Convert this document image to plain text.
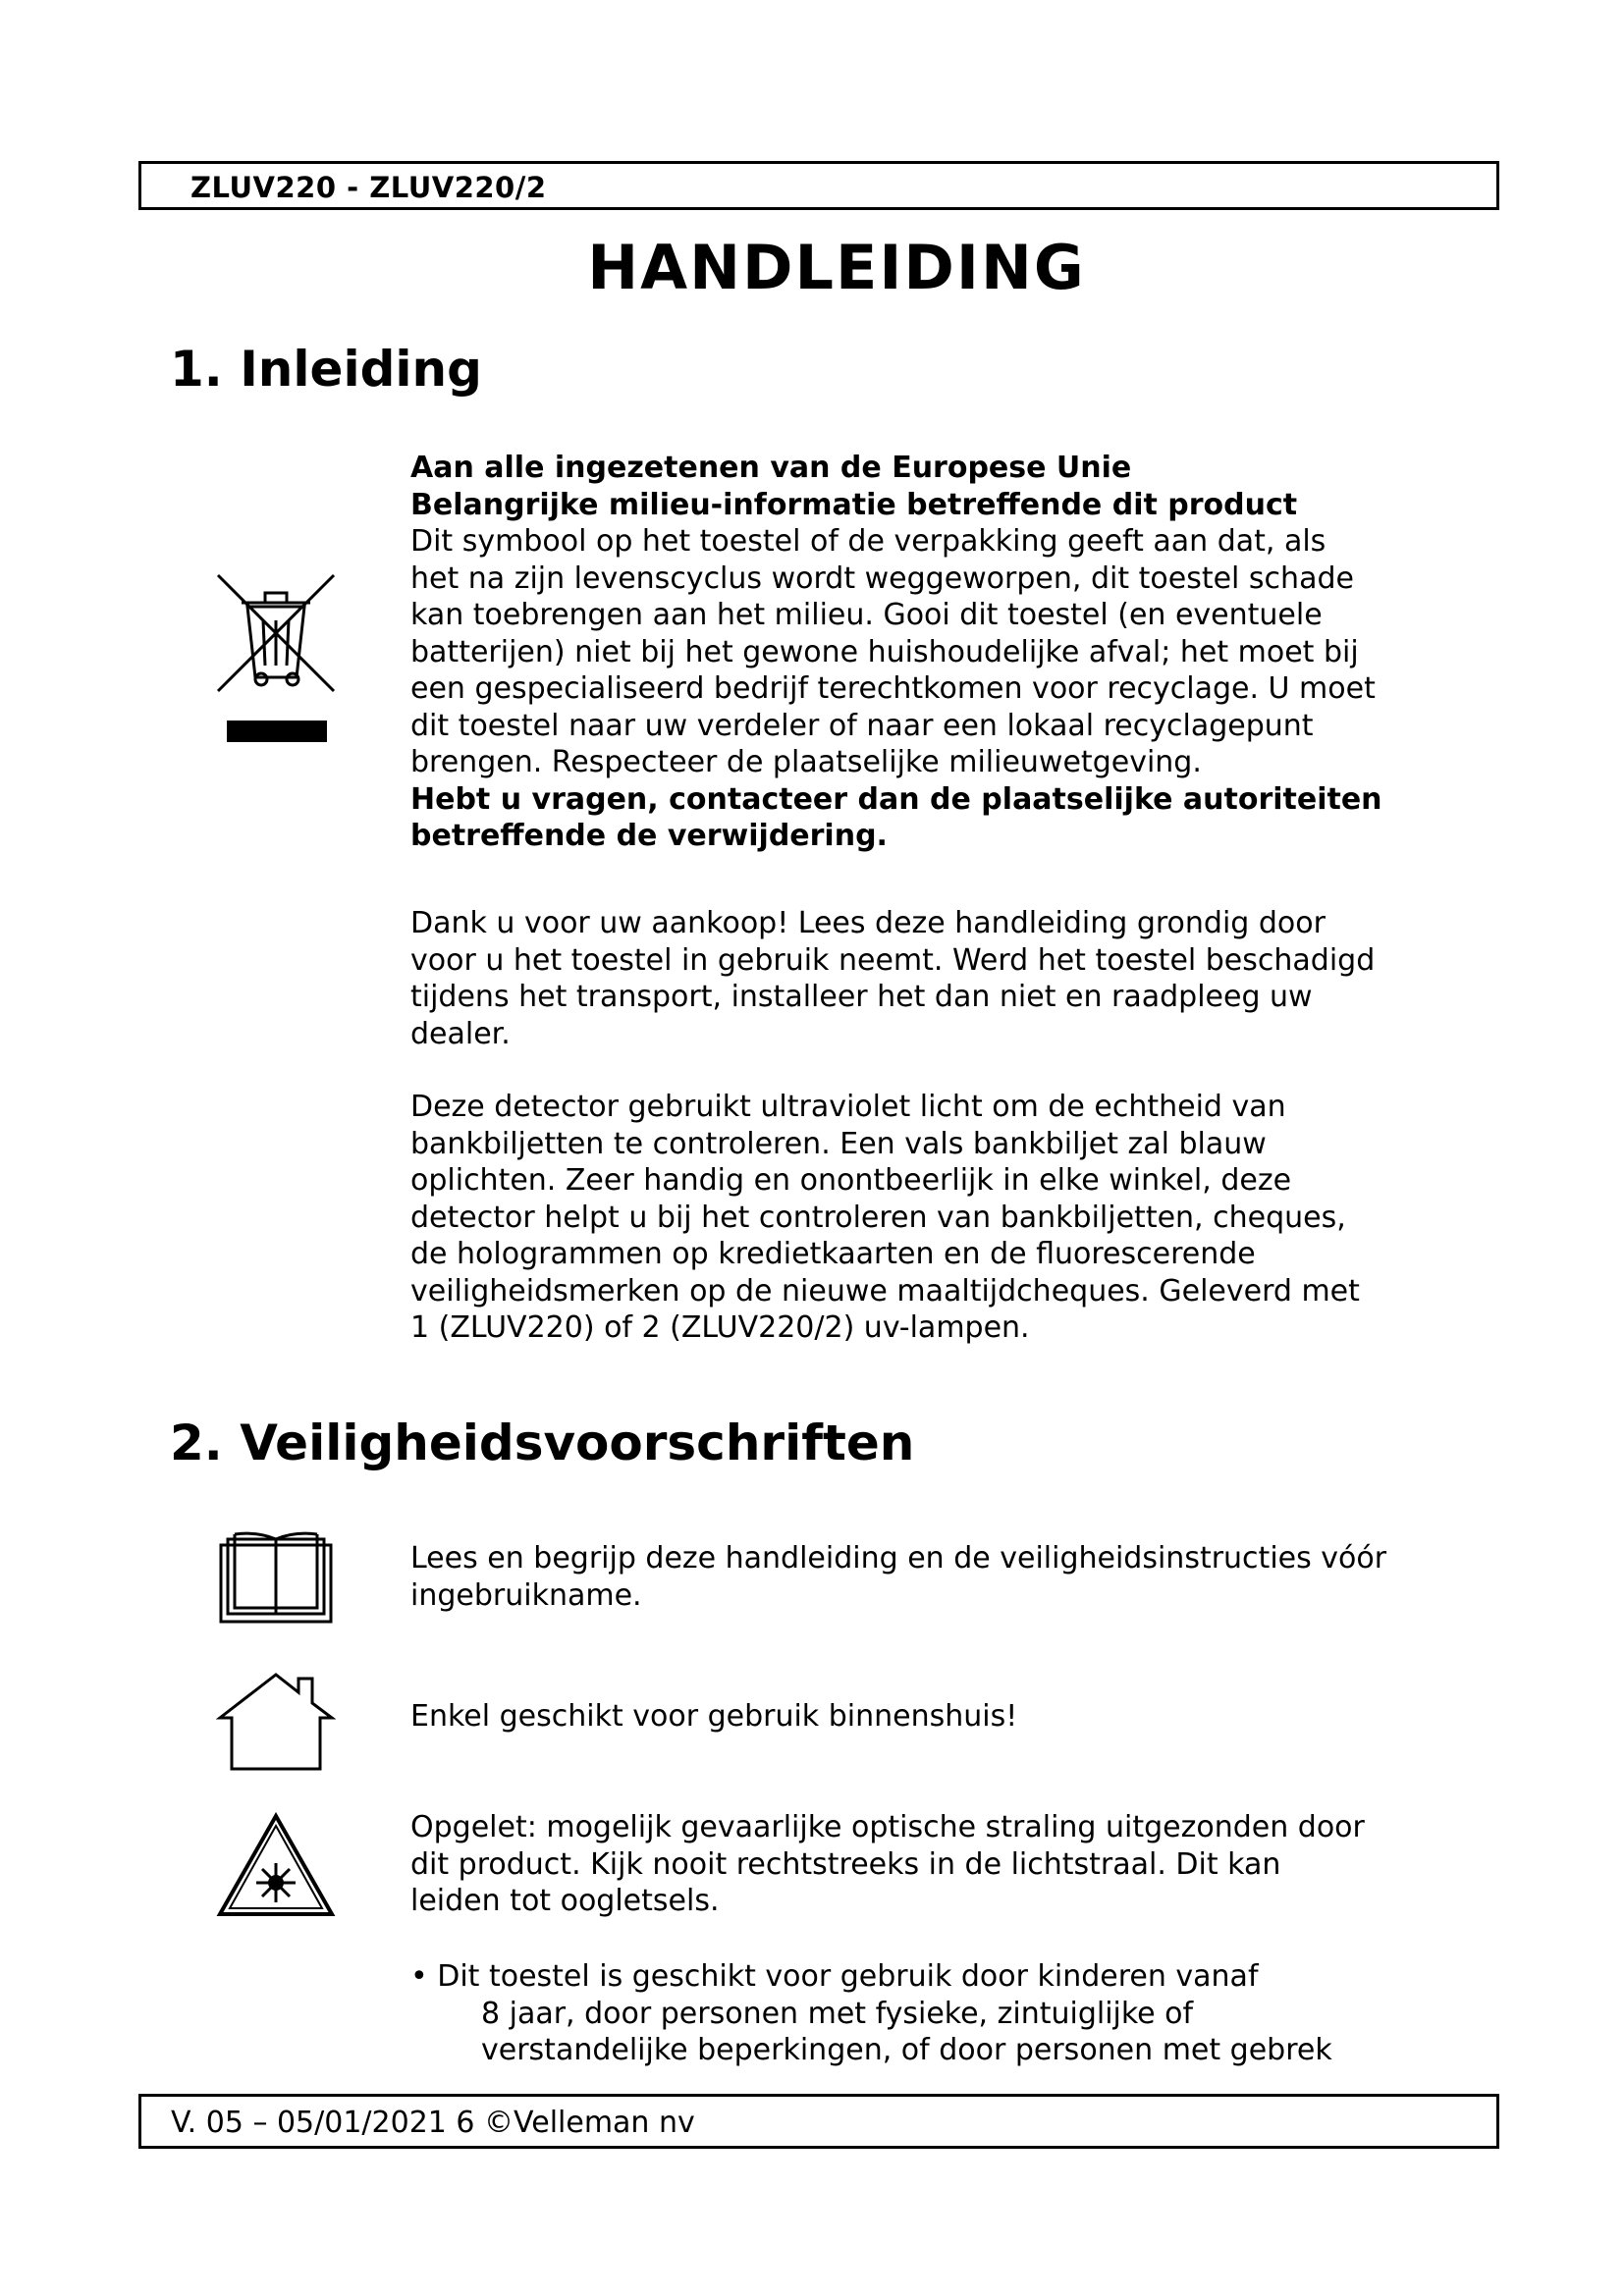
ZLUV220 - ZLUV220/2
HANDLEIDING
1. Inleiding

Aan alle ingezetenen van de Europese Unie

Belangrijke milieu-informatie betreffende dit product

Dit symbool op het toestel of de verpakking geeft aan dat, als

het na zijn levenscyclus wordt weggeworpen, dit toestel schade

kan toebrengen aan het milieu. Gooi dit toestel (en eventuele

batterijen) niet bij het gewone huishoudelijke afval; het moet bij

een gespecialiseerd bedrijf terechtkomen voor recyclage. U moet

dit toestel naar uw verdeler of naar een lokaal recyclagepunt

brengen. Respecteer de plaatselijke milieuwetgeving.

Hebt u vragen, contacteer dan de plaatselijke autoriteiten

betreffende de verwijdering.

Dank u voor uw aankoop! Lees deze handleiding grondig door

voor u het toestel in gebruik neemt. Werd het toestel beschadigd

tijdens het transport, installeer het dan niet en raadpleeg uw

dealer.

Deze detector gebruikt ultraviolet licht om de echtheid van

bankbiljetten te controleren. Een vals bankbiljet zal blauw

oplichten. Zeer handig en onontbeerlijk in elke winkel, deze

detector helpt u bij het controleren van bankbiljetten, cheques,

de hologrammen op kredietkaarten en de fluorescerende

veiligheidsmerken op de nieuwe maaltijdcheques. Geleverd met

1 (ZLUV220) of 2 (ZLUV220/2) uv-lampen.

2. Veiligheidsvoorschriften

Lees en begrijp deze handleiding en de veiligheidsinstructies vóór

ingebruikname.

Enkel geschikt voor gebruik binnenshuis!

Opgelet: mogelijk gevaarlijke optische straling uitgezonden door

dit product. Kijk nooit rechtstreeks in de lichtstraal. Dit kan

leiden tot oogletsels.

• Dit toestel is geschikt voor gebruik door kinderen vanaf

8 jaar, door personen met fysieke, zintuiglijke of

verstandelijke beperkingen, of door personen met gebrek

V. 05 – 05/01/2021 6 ©Velleman nv
